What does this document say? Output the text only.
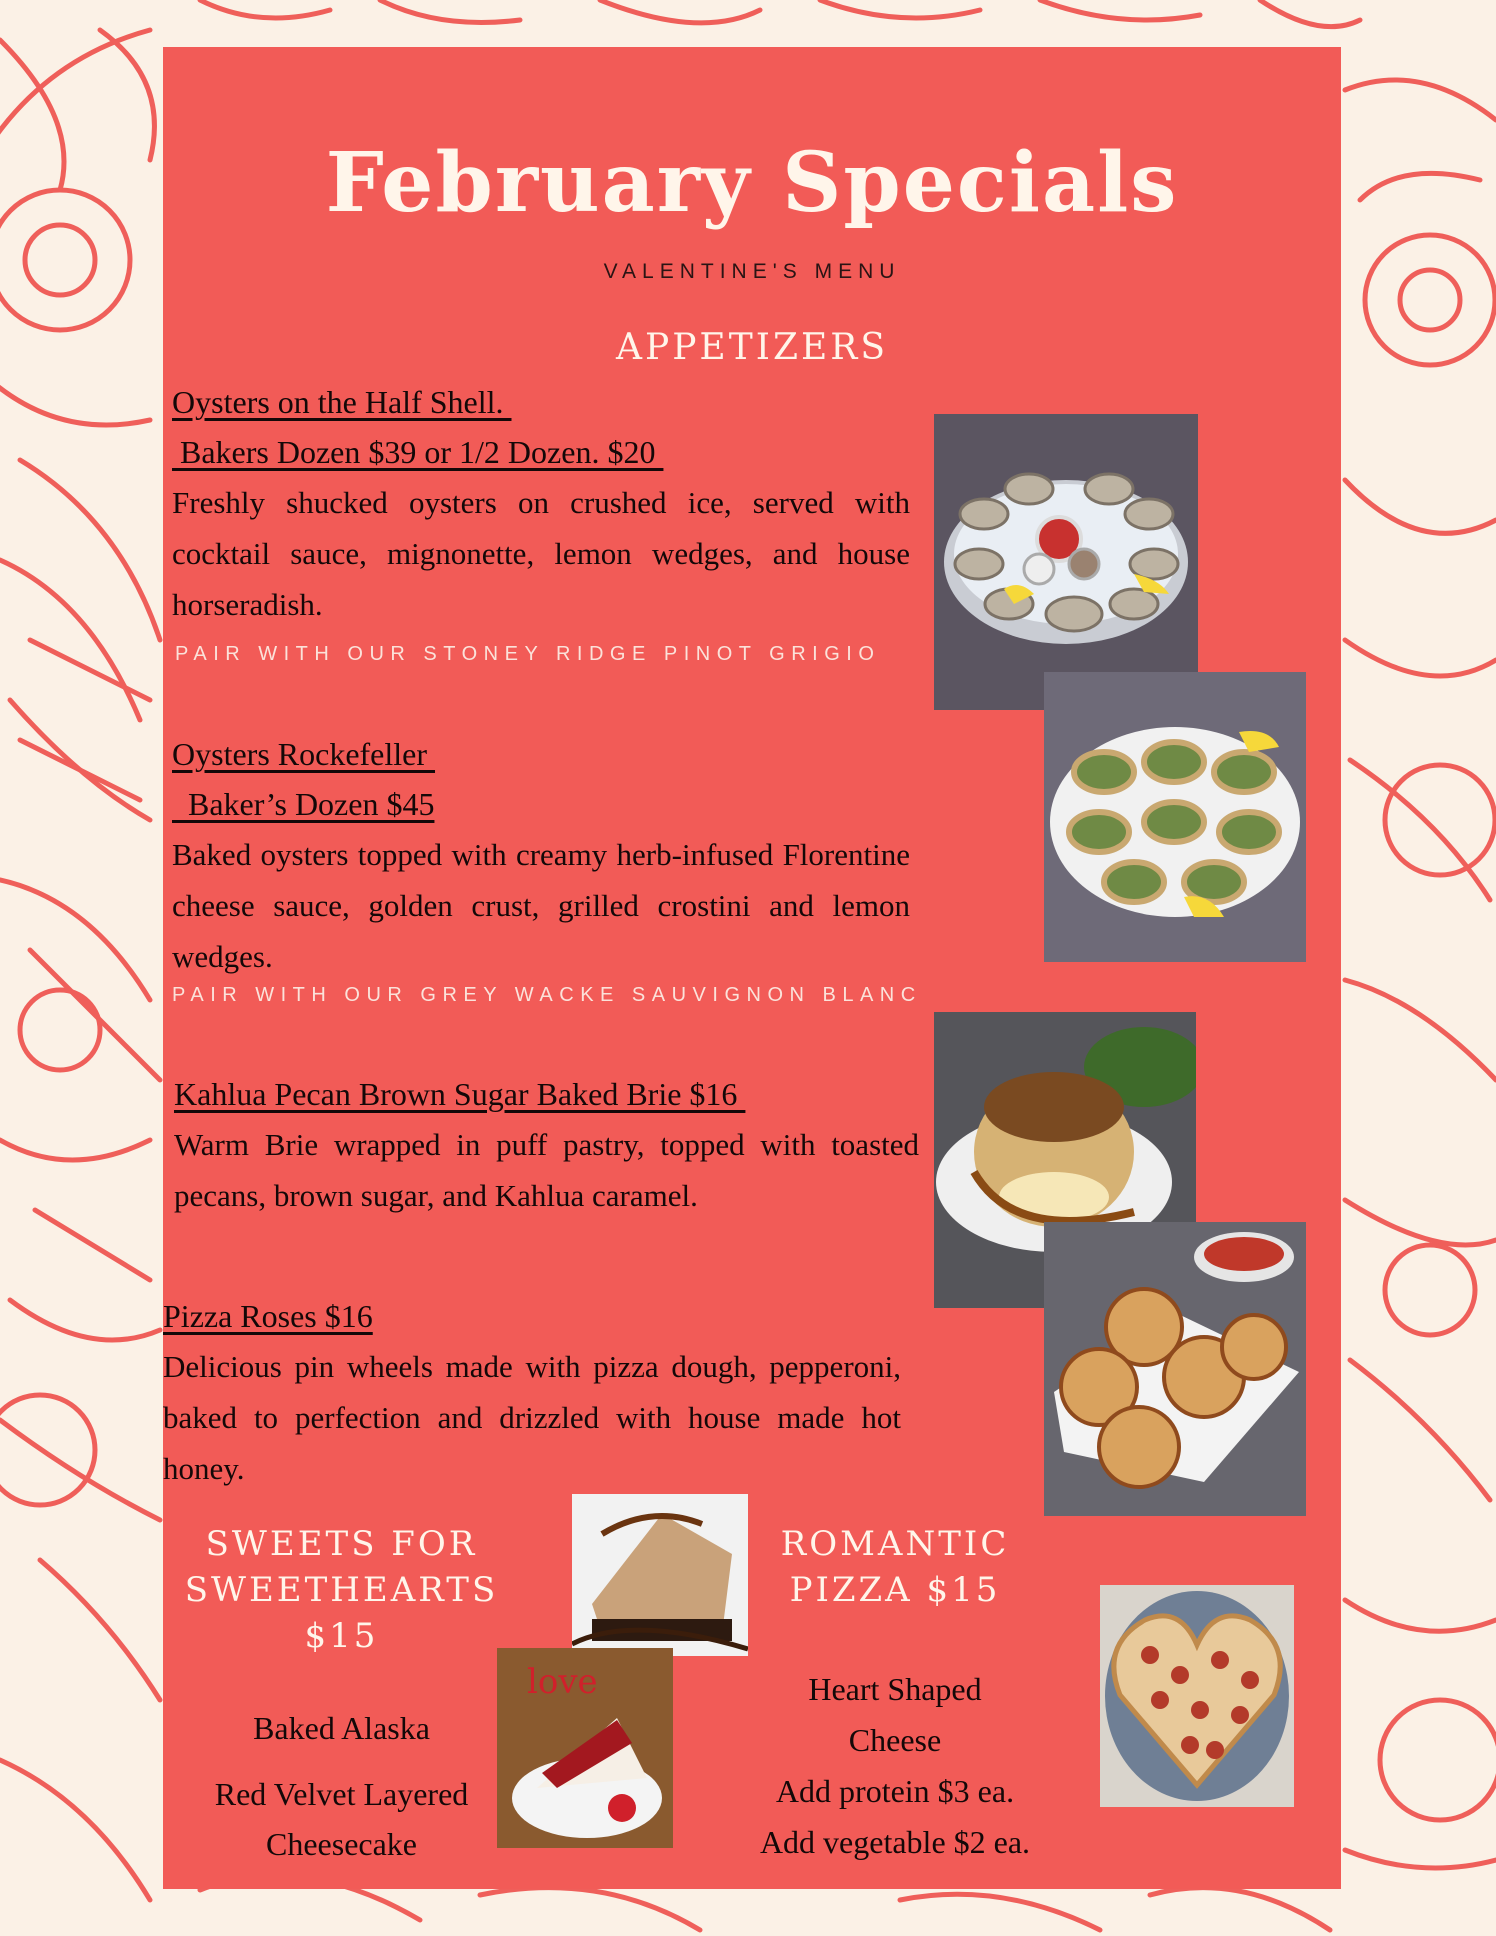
February Specials
VALENTINE'S MENU
APPETIZERS
Oysters on the Half Shell.
Bakers Dozen $39 or 1/2 Dozen. $20
Freshly shucked oysters on crushed ice, served with cocktail sauce, mignonette, lemon wedges, and house horseradish.
PAIR WITH OUR STONEY RIDGE PINOT GRIGIO
Oysters Rockefeller
Baker’s Dozen $45
Baked oysters topped with creamy herb-infused Florentine cheese sauce, golden crust, grilled crostini and lemon wedges.
PAIR WITH OUR GREY WACKE SAUVIGNON BLANC
Kahlua Pecan Brown Sugar Baked Brie $16
Warm Brie wrapped in puff pastry, topped with toasted pecans, brown sugar, and Kahlua caramel.
Pizza Roses $16
Delicious pin wheels made with pizza dough, pepperoni, baked to perfection and drizzled with house made hot honey.
SWEETS FOR
SWEETHEARTS
$15
Baked Alaska
Red Velvet Layered
Cheesecake
ROMANTIC
PIZZA $15
Heart Shaped
Cheese
Add protein $3 ea.
Add vegetable $2 ea.
love
